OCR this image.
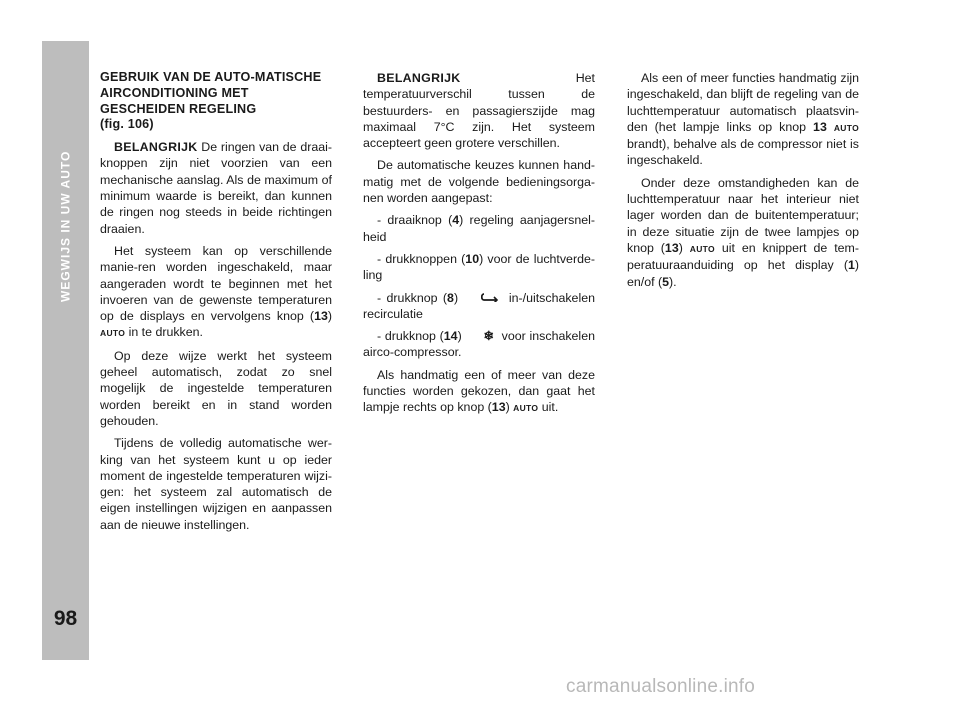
WEGWIJS IN UW AUTO
98
GEBRUIK VAN DE AUTO-MATISCHE AIRCONDITIONING MET GESCHEIDEN REGELING
(fig. 106)

BELANGRIJK De ringen van de draai-knoppen zijn niet voorzien van een mechanische aanslag. Als de maximum of minimum waarde is bereikt, dan kunnen de ringen nog steeds in beide richtingen draaien.

Het systeem kan op verschillende manie-ren worden ingeschakeld, maar aangeraden wordt te beginnen met het invoeren van de gewenste temperaturen op de displays en vervolgens knop (13) AUTO in te drukken.

Op deze wijze werkt het systeem geheel automatisch, zodat zo snel mogelijk de ingestelde temperaturen worden bereikt en in stand worden gehouden.

Tijdens de volledig automatische wer-king van het systeem kunt u op ieder moment de ingestelde temperaturen wijzi-gen: het systeem zal automatisch de eigen instellingen wijzigen en aanpassen aan de nieuwe instellingen.

BELANGRIJK Het temperatuurverschil tussen de bestuurders- en passagierszijde mag maximaal 7°C zijn. Het systeem accepteert geen grotere verschillen.

De automatische keuzes kunnen hand-matig met de volgende bedieningsorga-nen worden aangepast:

- draaiknop (4) regeling aanjagersnel-heid

- drukknoppen (10) voor de luchtverde-ling

- drukknop (8)	in-/uitschakelen recirculatie

- drukknop (14) ❄ voor inschakelen airco-compressor.

Als handmatig een of meer van deze functies worden gekozen, dan gaat het lampje rechts op knop (13) AUTO uit.

Als een of meer functies handmatig zijn ingeschakeld, dan blijft de regeling van de luchttemperatuur automatisch plaatsvin-den (het lampje links op knop 13 AUTO brandt), behalve als de compressor niet is ingeschakeld.

Onder deze omstandigheden kan de luchttemperatuur naar het interieur niet lager worden dan de buitentemperatuur; in deze situatie zijn de twee lampjes op knop (13) AUTO uit en knippert de tem-peratuuraanduiding op het display (1) en/of (5).

carmanualsonline.info
